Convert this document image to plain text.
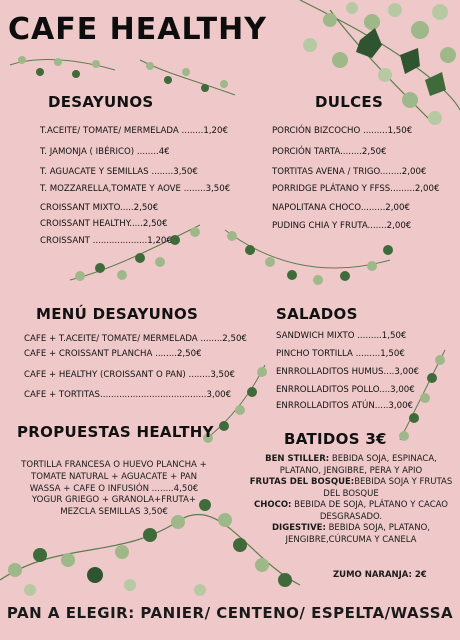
CAFE HEALTHY
DESAYUNOS
T.ACEITE/ TOMATE/ MERMELADA ........1,20€
T. JAMONJA ( IBÉRICO) ........4€
T. AGUACATE Y SEMILLAS ........3,50€
T. MOZZARELLA,TOMATE Y AOVE ........3,50€
CROISSANT MIXTO.....2,50€
CROISSANT HEALTHY.....2,50€
CROISSANT ....................1,20€
DULCES
PORCIÓN BIZCOCHO .........1,50€
PORCIÓN TARTA........2,50€
TORTITAS AVENA / TRIGO........2,00€
PORRIDGE PLÁTANO Y FFSS.........2,00€
NAPOLITANA CHOCO.........2,00€
PUDING CHIA Y FRUTA.......2,00€
MENÚ DESAYUNOS
CAFE + T.ACEITE/ TOMATE/ MERMELADA ........2,50€
CAFE + CROISSANT PLANCHA ........2,50€
CAFE + HEALTHY (CROISSANT O PAN) ........3,50€
CAFE + TORTITAS.......................................3,00€
SALADOS
SANDWICH MIXTO .........1,50€
PINCHO TORTILLA .........1,50€
ENRROLLADITOS HUMUS....3,00€
ENRROLLADITOS POLLO....3,00€
ENRROLLADITOS ATÚN.....3,00€
PROPUESTAS HEALTHY
TORTILLA FRANCESA O HUEVO PLANCHA +
TOMATE NATURAL + AGUACATE + PAN
WASSA + CAFE O INFUSIÓN ........4,50€
YOGUR GRIEGO + GRANOLA+FRUTA+
MEZCLA SEMILLAS 3,50€
BATIDOS 3€
BEN STILLER: BEBIDA SOJA, ESPINACA, PLATANO, JENGIBRE, PERA Y APIO
FRUTAS DEL BOSQUE:BEBIDA SOJA Y FRUTAS DEL BOSQUE
CHOCO: BEBIDA DE SOJA, PLÁTANO Y CACAO DESGRASADO.
DIGESTIVE: BEBIDA SOJA, PLATANO, JENGIBRE,CÚRCUMA Y CANELA
ZUMO NARANJA: 2€
PAN A ELEGIR: PANIER/ CENTENO/ ESPELTA/WASSA
